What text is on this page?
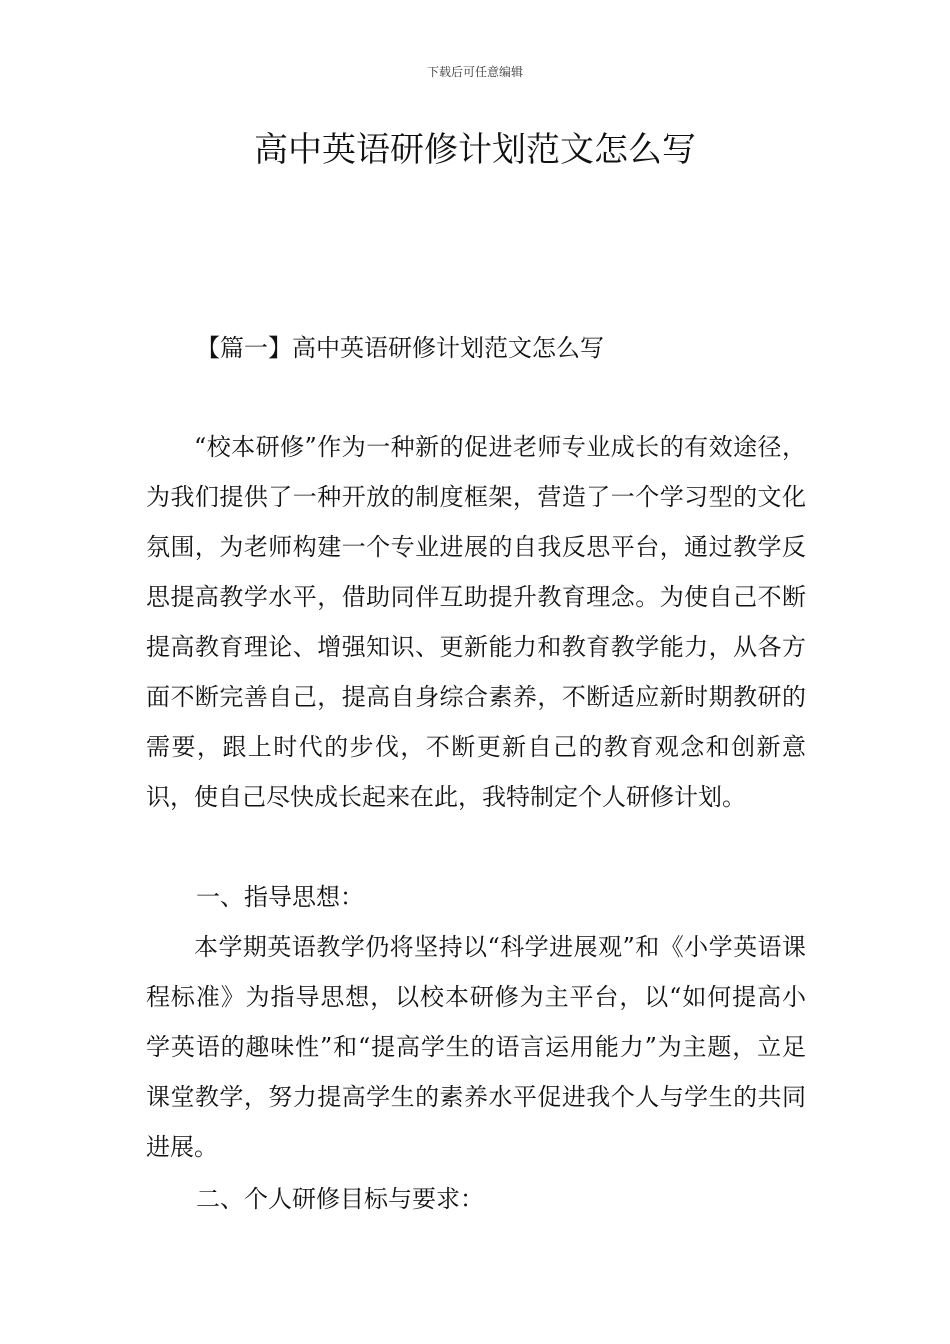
下载后可任意编辑
高中英语研修计划范文怎么写
【篇一】高中英语研修计划范文怎么写

“校本研修”作为一种新的促进老师专业成长的有效途径，为我们提供了一种开放的制度框架，营造了一个学习型的文化氛围，为老师构建一个专业进展的自我反思平台，通过教学反思提高教学水平，借助同伴互助提升教育理念。为使自己不断提高教育理论、增强知识、更新能力和教育教学能力，从各方面不断完善自己，提高自身综合素养，不断适应新时期教研的需要，跟上时代的步伐，不断更新自己的教育观念和创新意识，使自己尽快成长起来在此，我特制定个人研修计划。

一、指导思想：

本学期英语教学仍将坚持以“科学进展观”和《小学英语课程标准》为指导思想，以校本研修为主平台，以“如何提高小学英语的趣味性”和“提高学生的语言运用能力”为主题，立足课堂教学，努力提高学生的素养水平促进我个人与学生的共同进展。

二、个人研修目标与要求：
